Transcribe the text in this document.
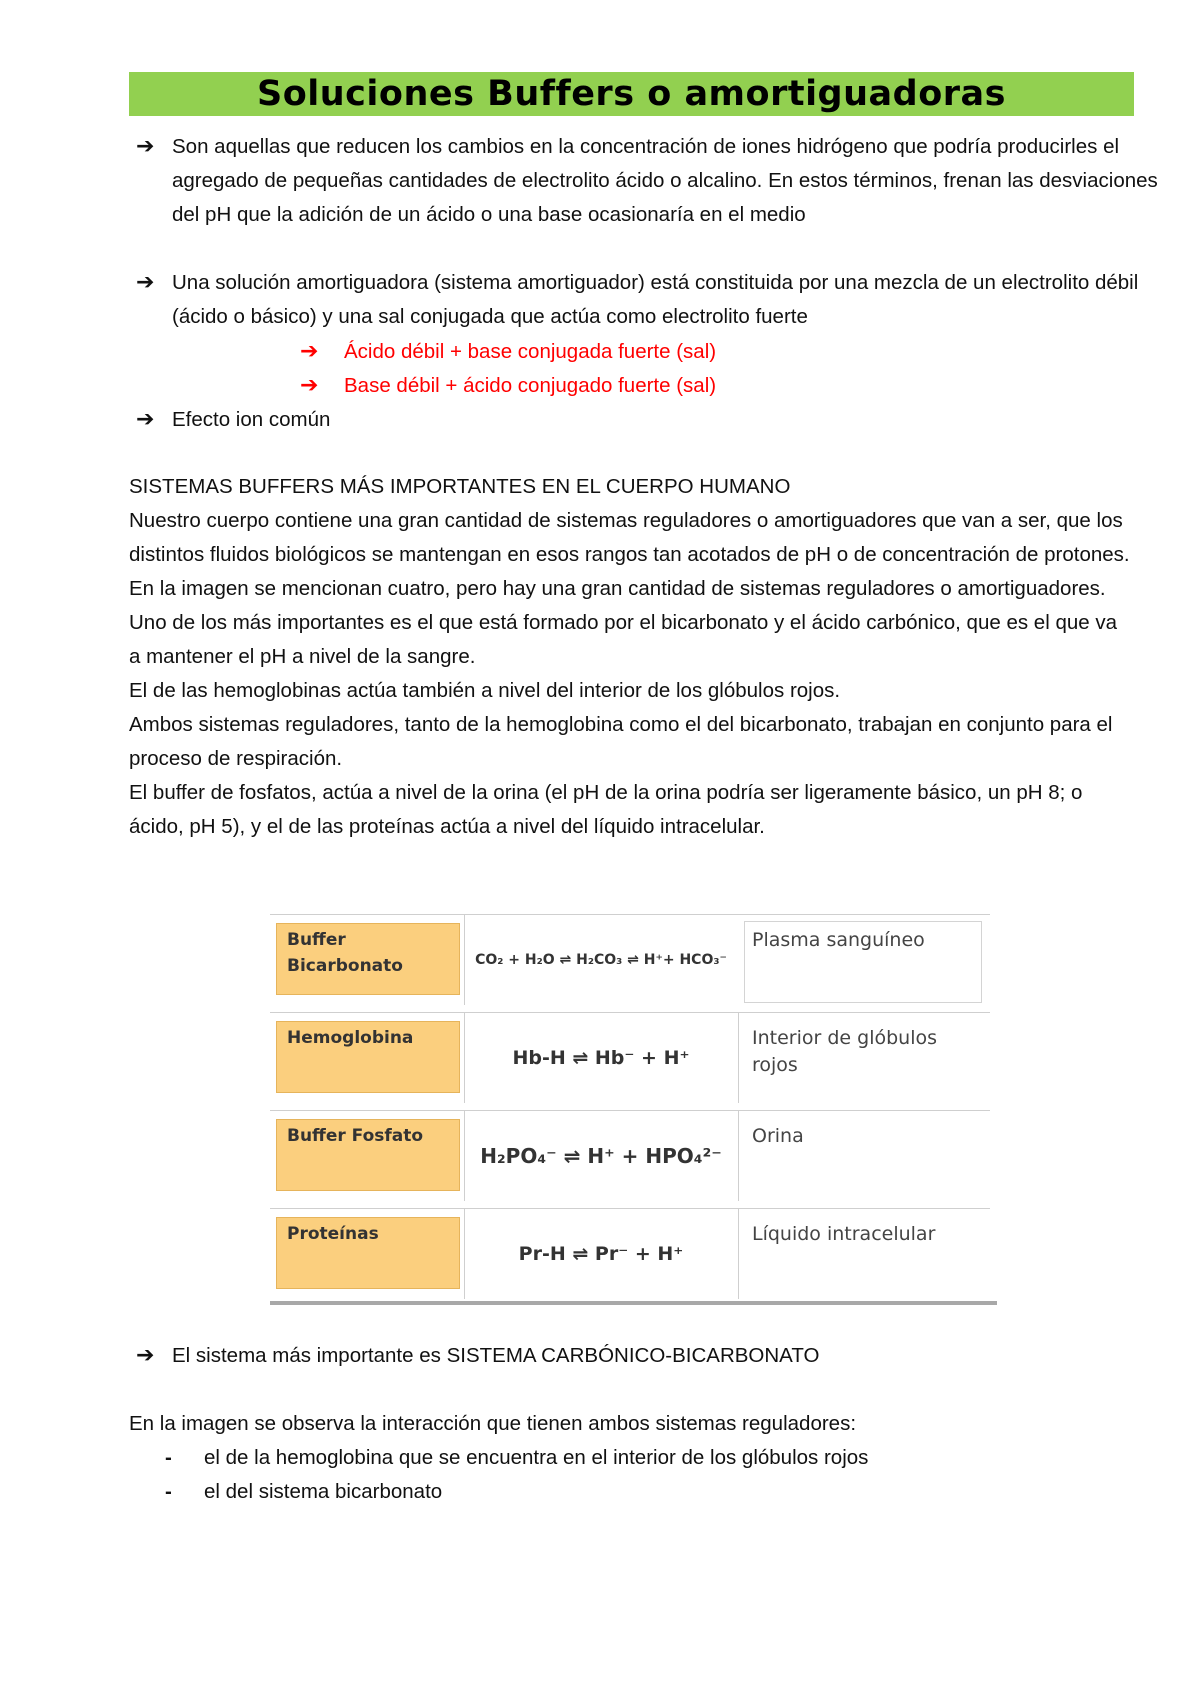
Soluciones Buffers o amortiguadoras
➔ Son aquellas que reducen los cambios en la concentración de iones hidrógeno que podría producirles el agregado de pequeñas cantidades de electrolito ácido o alcalino. En estos términos, frenan las desviaciones del pH que la adición de un ácido o una base ocasionaría en el medio
➔ Una solución amortiguadora (sistema amortiguador) está constituida por una mezcla de un electrolito débil (ácido o básico) y una sal conjugada que actúa como electrolito fuerte
➔ Ácido débil + base conjugada fuerte (sal)
➔ Base débil + ácido conjugado fuerte (sal)
➔ Efecto ion común

SISTEMAS BUFFERS MÁS IMPORTANTES EN EL CUERPO HUMANO

Nuestro cuerpo contiene una gran cantidad de sistemas reguladores o amortiguadores que van a ser, que los distintos fluidos biológicos se mantengan en esos rangos tan acotados de pH o de concentración de protones.

En la imagen se mencionan cuatro, pero hay una gran cantidad de sistemas reguladores o amortiguadores. Uno de los más importantes es el que está formado por el bicarbonato y el ácido carbónico, que es el que va a mantener el pH a nivel de la sangre.

El de las hemoglobinas actúa también a nivel del interior de los glóbulos rojos.

Ambos sistemas reguladores, tanto de la hemoglobina como el del bicarbonato, trabajan en conjunto para el proceso de respiración.

El buffer de fosfatos, actúa a nivel de la orina (el pH de la orina podría ser ligeramente básico, un pH 8; o ácido, pH 5), y el de las proteínas actúa a nivel del líquido intracelular.

Buffer Bicarbonato	CO₂ + H₂O ⇌ H₂CO₃ ⇌ H⁺+ HCO₃⁻
Plasma sanguíneo
Hemoglobina
Hb-H ⇌ Hb⁻ + H⁺
Interior de glóbulos rojos
Buffer Fosfato
H₂PO₄⁻ ⇌ H⁺ + HPO₄²⁻
Orina
Proteínas
Pr-H ⇌ Pr⁻ + H⁺
Líquido intracelular
➔ El sistema más importante es SISTEMA CARBÓNICO-BICARBONATO

En la imagen se observa la interacción que tienen ambos sistemas reguladores:

- el de la hemoglobina que se encuentra en el interior de los glóbulos rojos
- el del sistema bicarbonato
